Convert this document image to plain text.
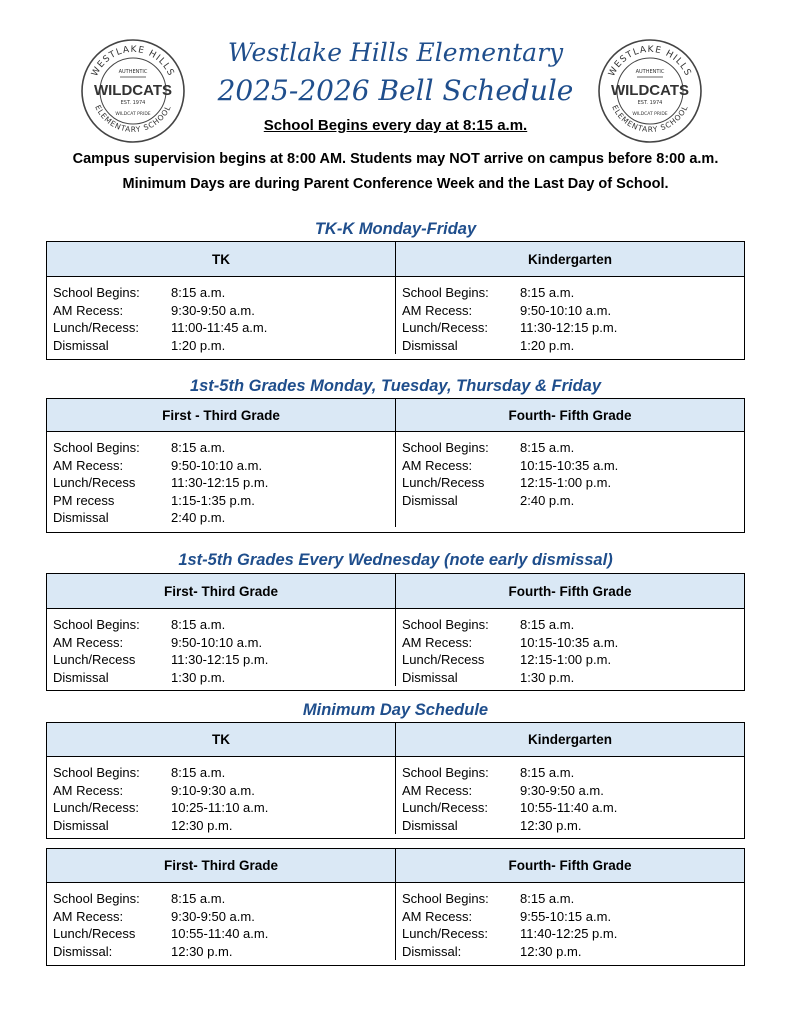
WESTLAKE HILLS
ELEMENTARY SCHOOL
AUTHENTIC
WILDCATS
EST. 1974
WILDCAT PRIDE
WESTLAKE HILLS
ELEMENTARY SCHOOL
AUTHENTIC
WILDCATS
EST. 1974
WILDCAT PRIDE
Westlake Hills Elementary
2025-2026 Bell Schedule
School Begins every day at 8:15 a.m.
Campus supervision begins at 8:00 AM. Students may NOT arrive on campus before 8:00 a.m.
Minimum Days are during Parent Conference Week and the Last Day of School.
TK-K Monday-Friday
1st-5th Grades Monday, Tuesday, Thursday & Friday
1st-5th Grades Every Wednesday (note early dismissal)
Minimum Day Schedule
TK	Kindergarten
School Begins:	8:15 a.m.
AM Recess:	9:30-9:50 a.m.
Lunch/Recess:	11:00-11:45 a.m.
Dismissal	1:20 p.m.
School Begins:	8:15 a.m.
AM Recess:	9:50-10:10 a.m.
Lunch/Recess:	11:30-12:15 p.m.
Dismissal	1:20 p.m.
First - Third Grade	Fourth- Fifth Grade
School Begins:	8:15 a.m.
AM Recess:	9:50-10:10 a.m.
Lunch/Recess	11:30-12:15 p.m.
PM recess	1:15-1:35 p.m.
Dismissal	2:40 p.m.
School Begins:	8:15 a.m.
AM Recess:	10:15-10:35 a.m.
Lunch/Recess	12:15-1:00 p.m.
Dismissal	2:40 p.m.
First- Third Grade	Fourth- Fifth Grade
School Begins:	8:15 a.m.
AM Recess:	9:50-10:10 a.m.
Lunch/Recess	11:30-12:15 p.m.
Dismissal	1:30 p.m.
School Begins:	8:15 a.m.
AM Recess:	10:15-10:35 a.m.
Lunch/Recess	12:15-1:00 p.m.
Dismissal	1:30 p.m.
TK	Kindergarten
School Begins:	8:15 a.m.
AM Recess:	9:10-9:30 a.m.
Lunch/Recess:	10:25-11:10 a.m.
Dismissal	12:30 p.m.
School Begins:	8:15 a.m.
AM Recess:	9:30-9:50 a.m.
Lunch/Recess:	10:55-11:40 a.m.
Dismissal	12:30 p.m.
First- Third Grade	Fourth- Fifth Grade
School Begins:	8:15 a.m.
AM Recess:	9:30-9:50 a.m.
Lunch/Recess	10:55-11:40 a.m.
Dismissal:	12:30 p.m.
School Begins:	8:15 a.m.
AM Recess:	9:55-10:15 a.m.
Lunch/Recess:	11:40-12:25 p.m.
Dismissal:	12:30 p.m.
